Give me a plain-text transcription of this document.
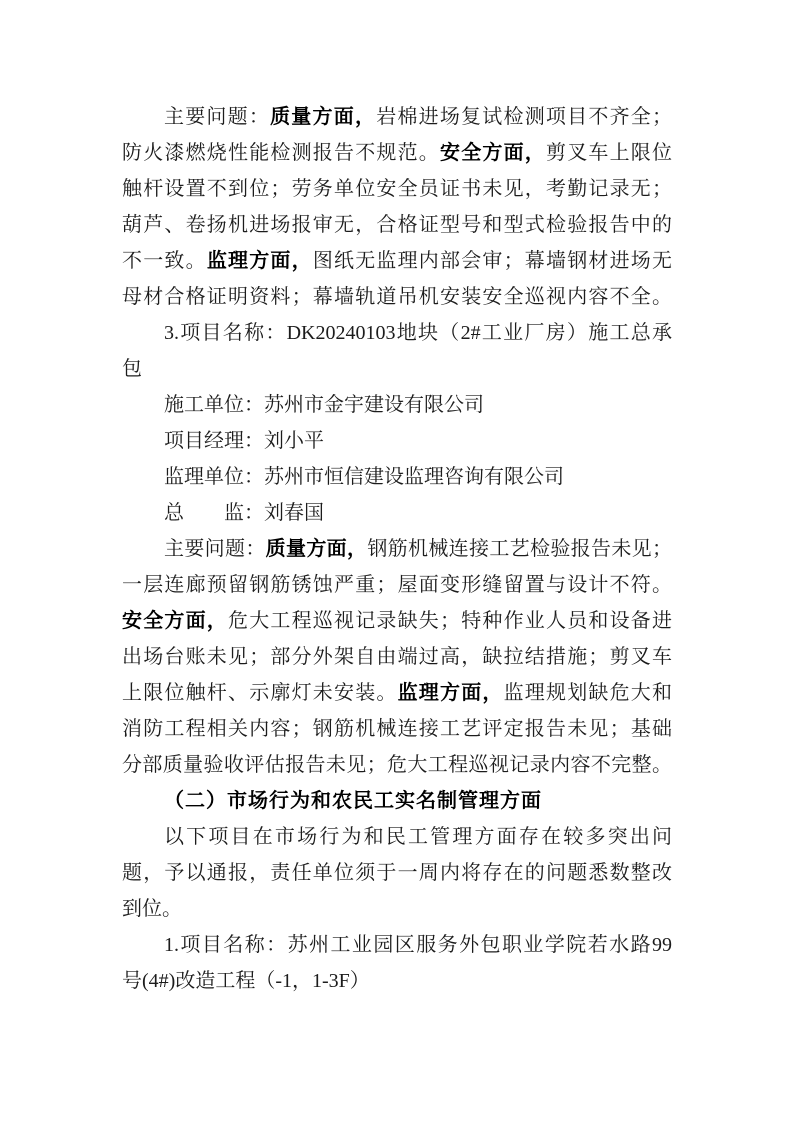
主要问题：质量方面，岩棉进场复试检测项目不齐全；
防火漆燃烧性能检测报告不规范。安全方面，剪叉车上限位
触杆设置不到位；劳务单位安全员证书未见，考勤记录无；
葫芦、卷扬机进场报审无，合格证型号和型式检验报告中的
不一致。监理方面，图纸无监理内部会审；幕墙钢材进场无
母材合格证明资料；幕墙轨道吊机安装安全巡视内容不全。
3.项目名称：DK20240103地块（2#工业厂房）施工总承
包
施工单位：苏州市金宇建设有限公司
项目经理：刘小平
监理单位：苏州市恒信建设监理咨询有限公司
总　　监：刘春国
主要问题：质量方面，钢筋机械连接工艺检验报告未见；
一层连廊预留钢筋锈蚀严重；屋面变形缝留置与设计不符。
安全方面，危大工程巡视记录缺失；特种作业人员和设备进
出场台账未见；部分外架自由端过高，缺拉结措施；剪叉车
上限位触杆、示廓灯未安装。监理方面，监理规划缺危大和
消防工程相关内容；钢筋机械连接工艺评定报告未见；基础
分部质量验收评估报告未见；危大工程巡视记录内容不完整。
（二）市场行为和农民工实名制管理方面
以下项目在市场行为和民工管理方面存在较多突出问
题，予以通报，责任单位须于一周内将存在的问题悉数整改
到位。
1.项目名称：苏州工业园区服务外包职业学院若水路99
号(4#)改造工程（-1，1-3F）
